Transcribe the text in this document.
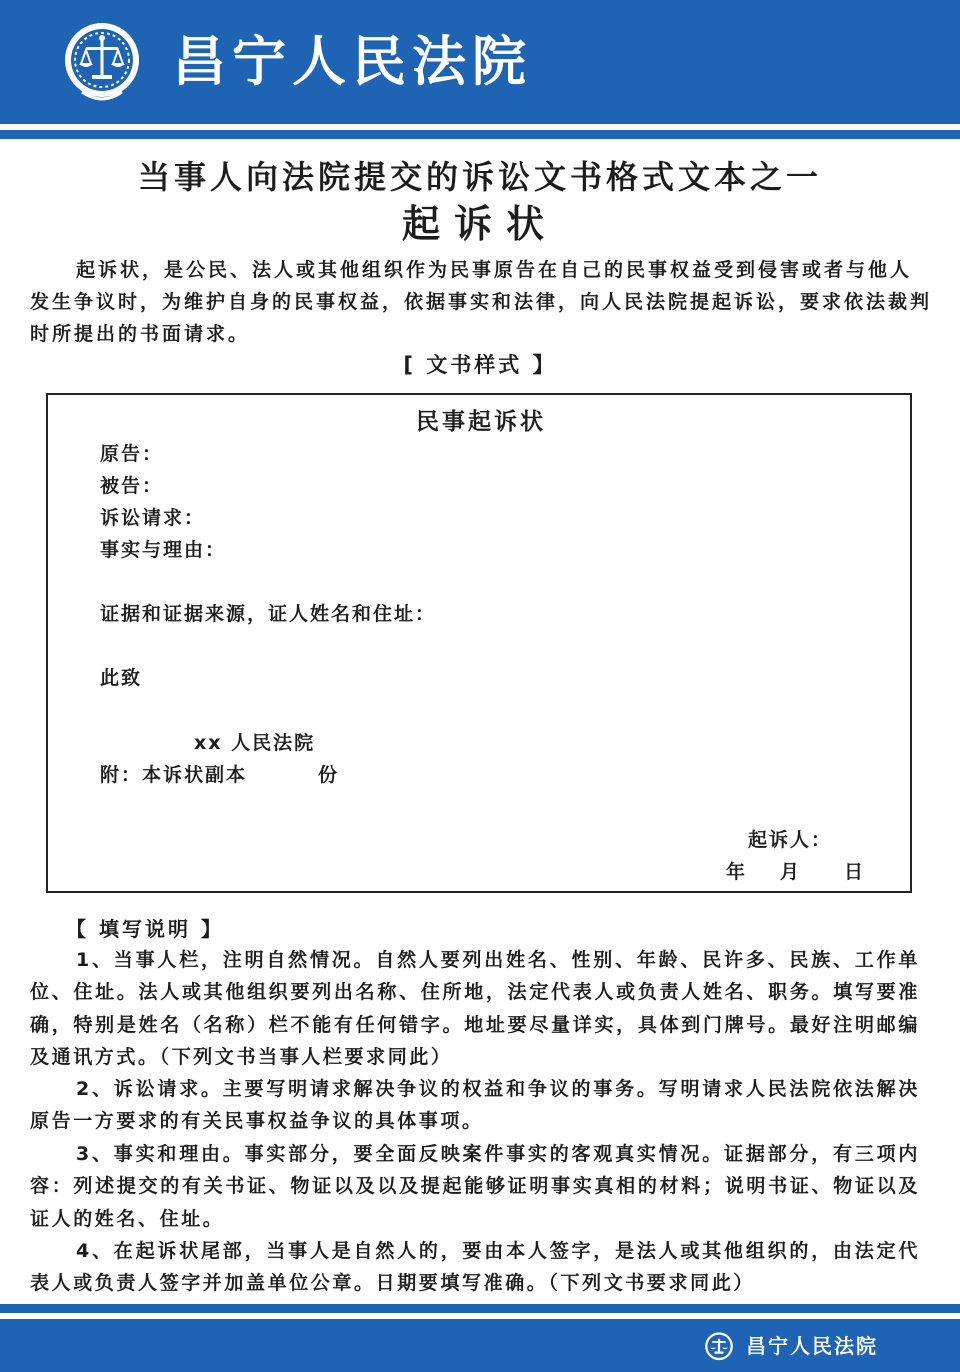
昌宁人民法院
当事人向法院提交的诉讼文书格式文本之一
起诉状

起诉状，是公民、法人或其他组织作为民事原告在自己的民事权益受到侵害或者与他人发生争议时，为维护自身的民事权益，依据事实和法律，向人民法院提起诉讼，要求依法裁判时所提出的书面请求。

[ 文书样式 】
民事起诉状
原告：
被告：
诉讼请求：
事实与理由：
证据和证据来源，证人姓名和住址：
此致
xx 人民法院
附：本诉状副本	份
起诉人：
年 月 日
【 填写说明 】

1、当事人栏，注明自然情况。自然人要列出姓名、性别、年龄、民许多、民族、工作单位、住址。法人或其他组织要列出名称、住所地，法定代表人或负责人姓名、职务。填写要准确，特别是姓名（名称）栏不能有任何错字。地址要尽量详实，具体到门牌号。最好注明邮编及通讯方式。（下列文书当事人栏要求同此）

2、诉讼请求。主要写明请求解决争议的权益和争议的事务。写明请求人民法院依法解决原告一方要求的有关民事权益争议的具体事项。

3、事实和理由。事实部分，要全面反映案件事实的客观真实情况。证据部分，有三项内容：列述提交的有关书证、物证以及以及提起能够证明事实真相的材料；说明书证、物证以及证人的姓名、住址。

4、在起诉状尾部，当事人是自然人的，要由本人签字，是法人或其他组织的，由法定代表人或负责人签字并加盖单位公章。日期要填写准确。（下列文书要求同此）

昌宁人民法院
